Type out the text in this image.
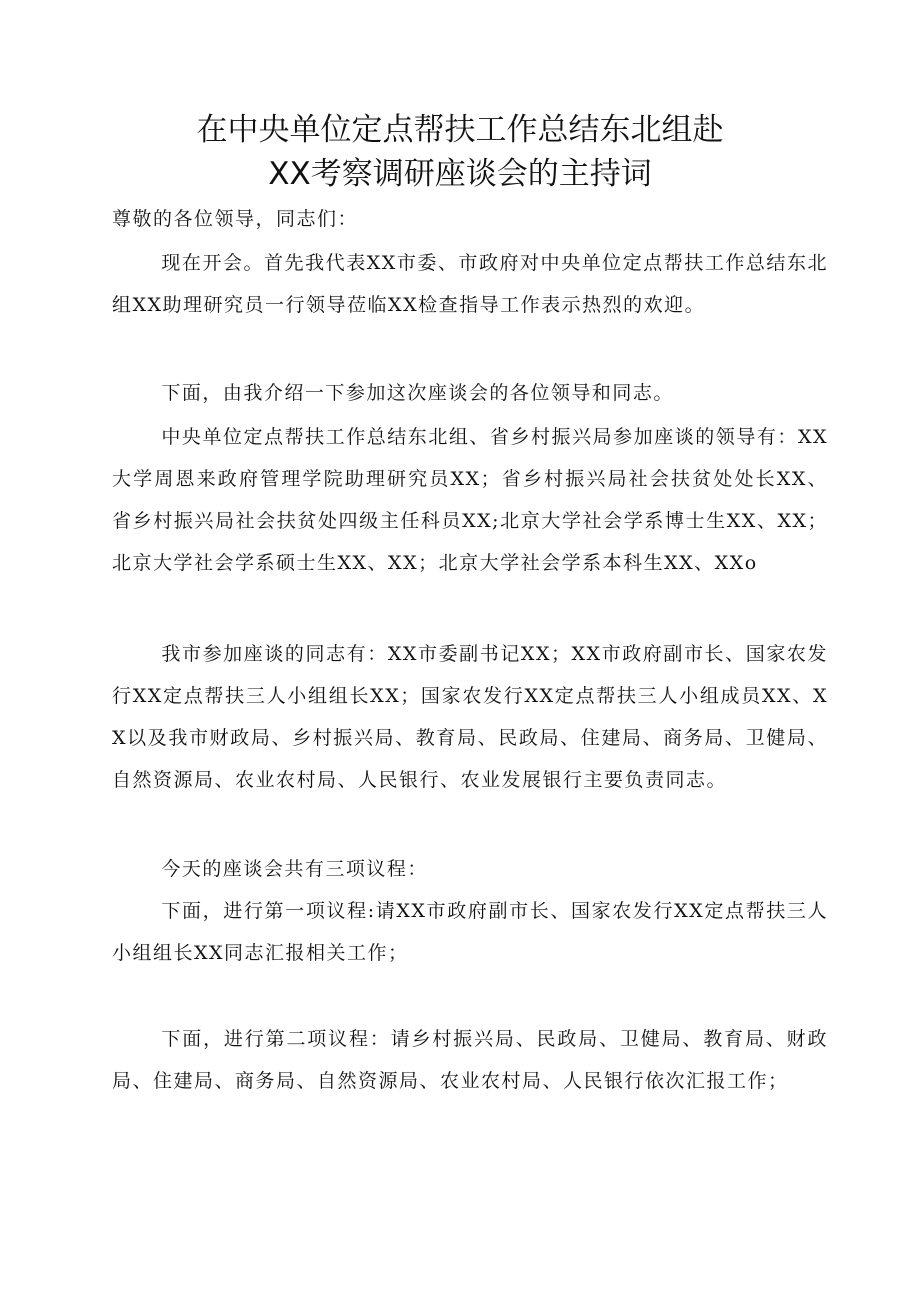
在中央单位定点帮扶工作总结东北组赴
XX考察调研座谈会的主持词

尊敬的各位领导，同志们：

现在开会。首先我代表XX市委、市政府对中央单位定点帮扶工作总结东北组XX助理研究员一行领导莅临XX检查指导工作表示热烈的欢迎。

下面，由我介绍一下参加这次座谈会的各位领导和同志。

中央单位定点帮扶工作总结东北组、省乡村振兴局参加座谈的领导有：XX大学周恩来政府管理学院助理研究员XX；省乡村振兴局社会扶贫处处长XX、省乡村振兴局社会扶贫处四级主任科员XX;北京大学社会学系博士生XX、XX；北京大学社会学系硕士生XX、XX；北京大学社会学系本科生XX、XXo

我市参加座谈的同志有：XX市委副书记XX；XX市政府副市长、国家农发行XX定点帮扶三人小组组长XX；国家农发行XX定点帮扶三人小组成员XX、XX以及我市财政局、乡村振兴局、教育局、民政局、住建局、商务局、卫健局、自然资源局、农业农村局、人民银行、农业发展银行主要负责同志。

今天的座谈会共有三项议程：

下面，进行第一项议程:请XX市政府副市长、国家农发行XX定点帮扶三人小组组长XX同志汇报相关工作；

下面，进行第二项议程：请乡村振兴局、民政局、卫健局、教育局、财政局、住建局、商务局、自然资源局、农业农村局、人民银行依次汇报工作；
